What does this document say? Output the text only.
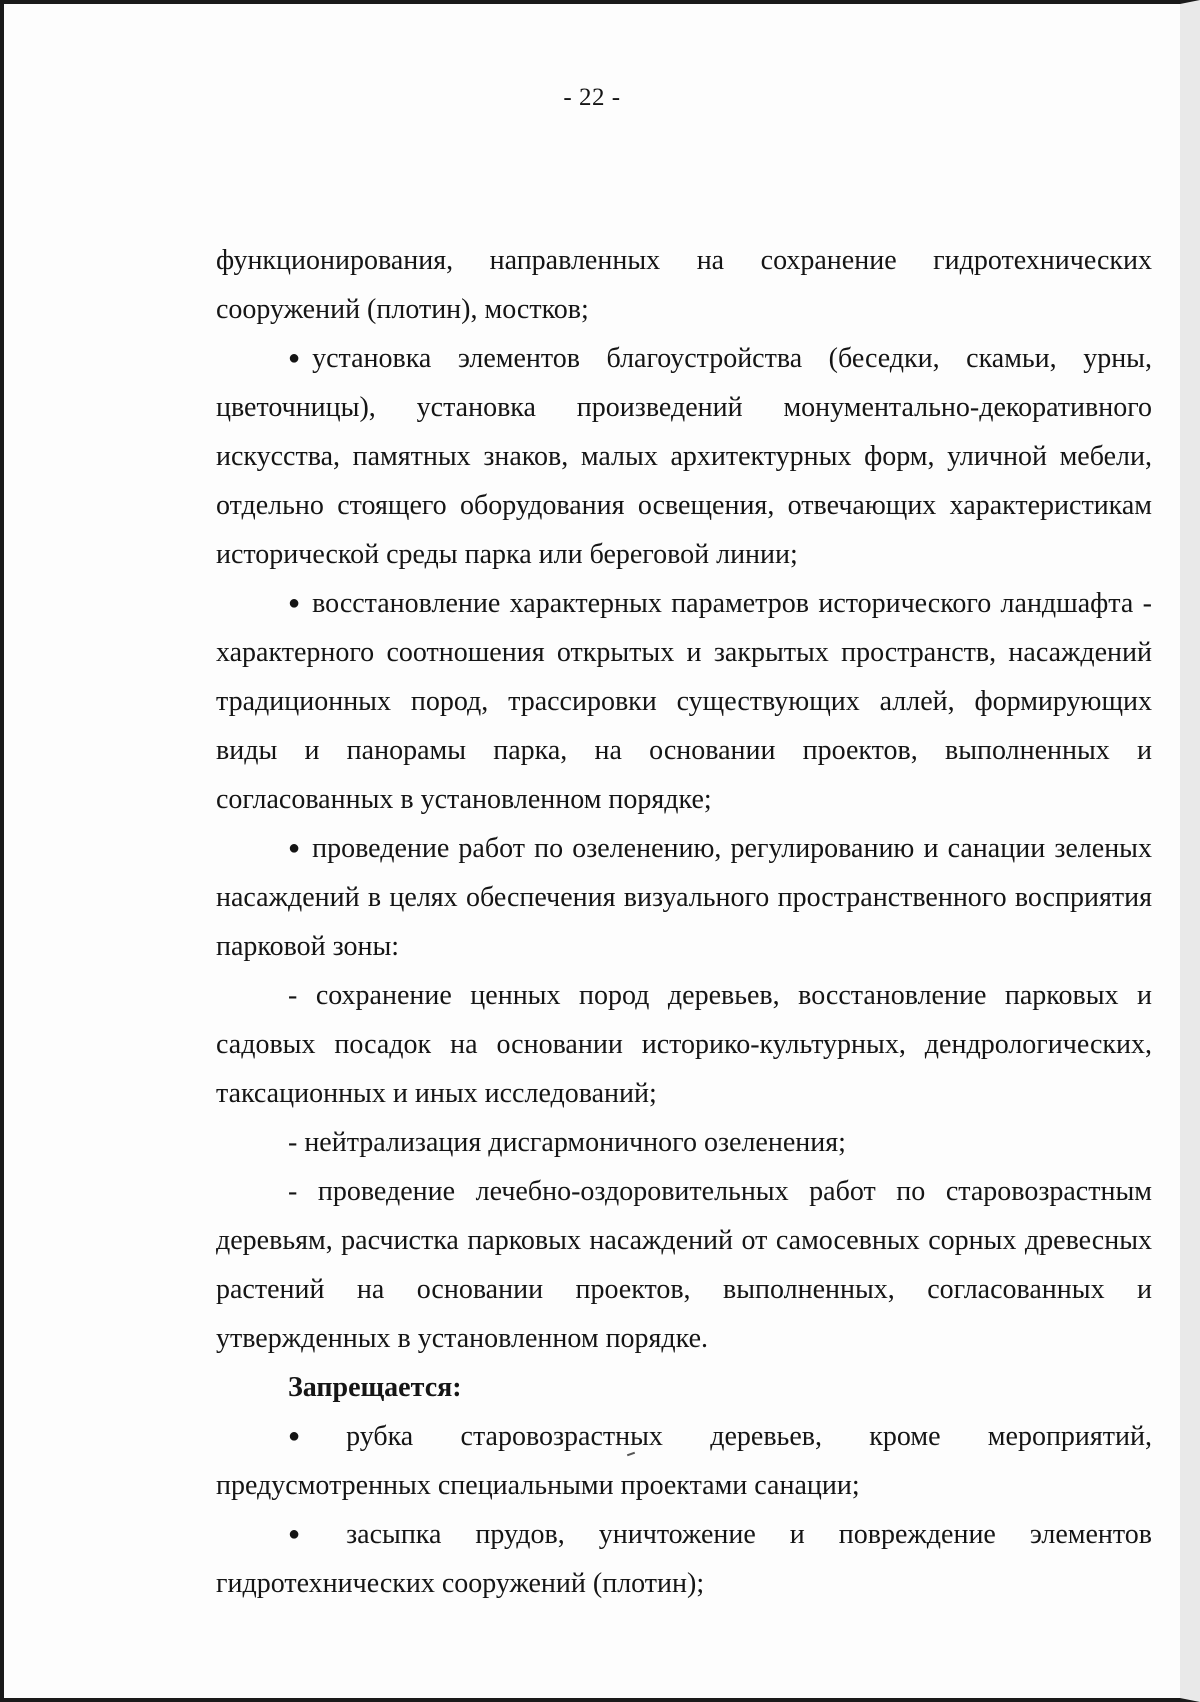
- 22 -

функционирования, направленных на сохранение гидротехнических сооружений (плотин), мостков;

● установка элементов благоустройства (беседки, скамьи, урны, цветочницы), установка произведений монументально-декоративного искусства, памятных знаков, малых архитектурных форм, уличной мебели, отдельно стоящего оборудования освещения, отвечающих характеристикам исторической среды парка или береговой линии;

● восстановление характерных параметров исторического ландшафта - характерного соотношения открытых и закрытых пространств, насаждений традиционных пород, трассировки существующих аллей, формирующих виды и панорамы парка, на основании проектов, выполненных и согласованных в установленном порядке;

● проведение работ по озеленению, регулированию и санации зеленых насаждений в целях обеспечения визуального пространственного восприятия парковой зоны:

- сохранение ценных пород деревьев, восстановление парковых и садовых посадок на основании историко-культурных, дендрологических, таксационных и иных исследований;

- нейтрализация дисгармоничного озеленения;

- проведение лечебно-оздоровительных работ по старовозрастным деревьям, расчистка парковых насаждений от самосевных сорных древесных растений на основании проектов, выполненных, согласованных и утвержденных в установленном порядке.

Запрещается:

● рубка старовозрастных деревьев, кроме мероприятий, предусмотренных специальными проектами санации;

● засыпка прудов, уничтожение и повреждение элементов гидротехнических сооружений (плотин);
